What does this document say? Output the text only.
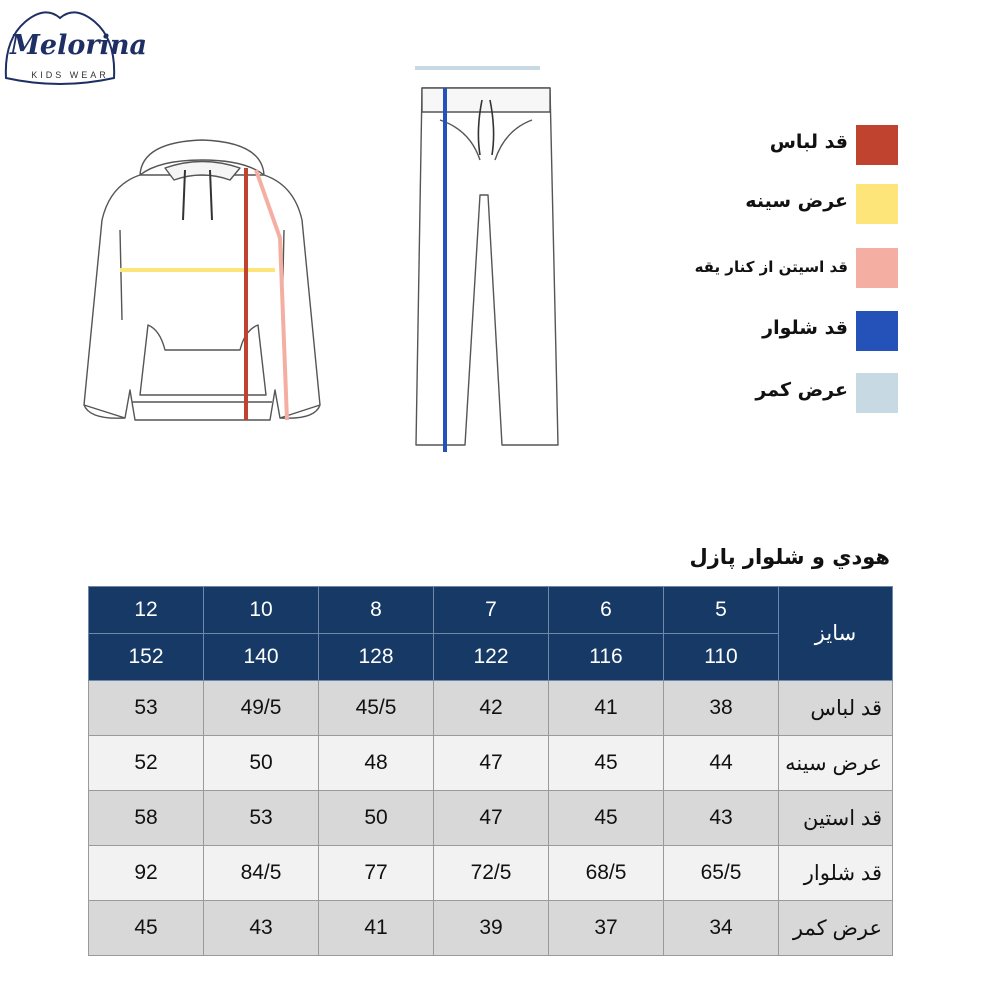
Melorina
KIDS WEAR
قد لباس
عرض سینه
قد اسیتن از کنار یقه
قد شلوار
عرض کمر
هودي و شلوار پازل
12	10	8	7	6	5	سایز
152	140	128	122	116	110	
53	49/5	45/5	42	41	38	قد لباس
52	50	48	47	45	44	عرض سینه
58	53	50	47	45	43	قد استین
92	84/5	77	72/5	68/5	65/5	قد شلوار
45	43	41	39	37	34	عرض کمر
